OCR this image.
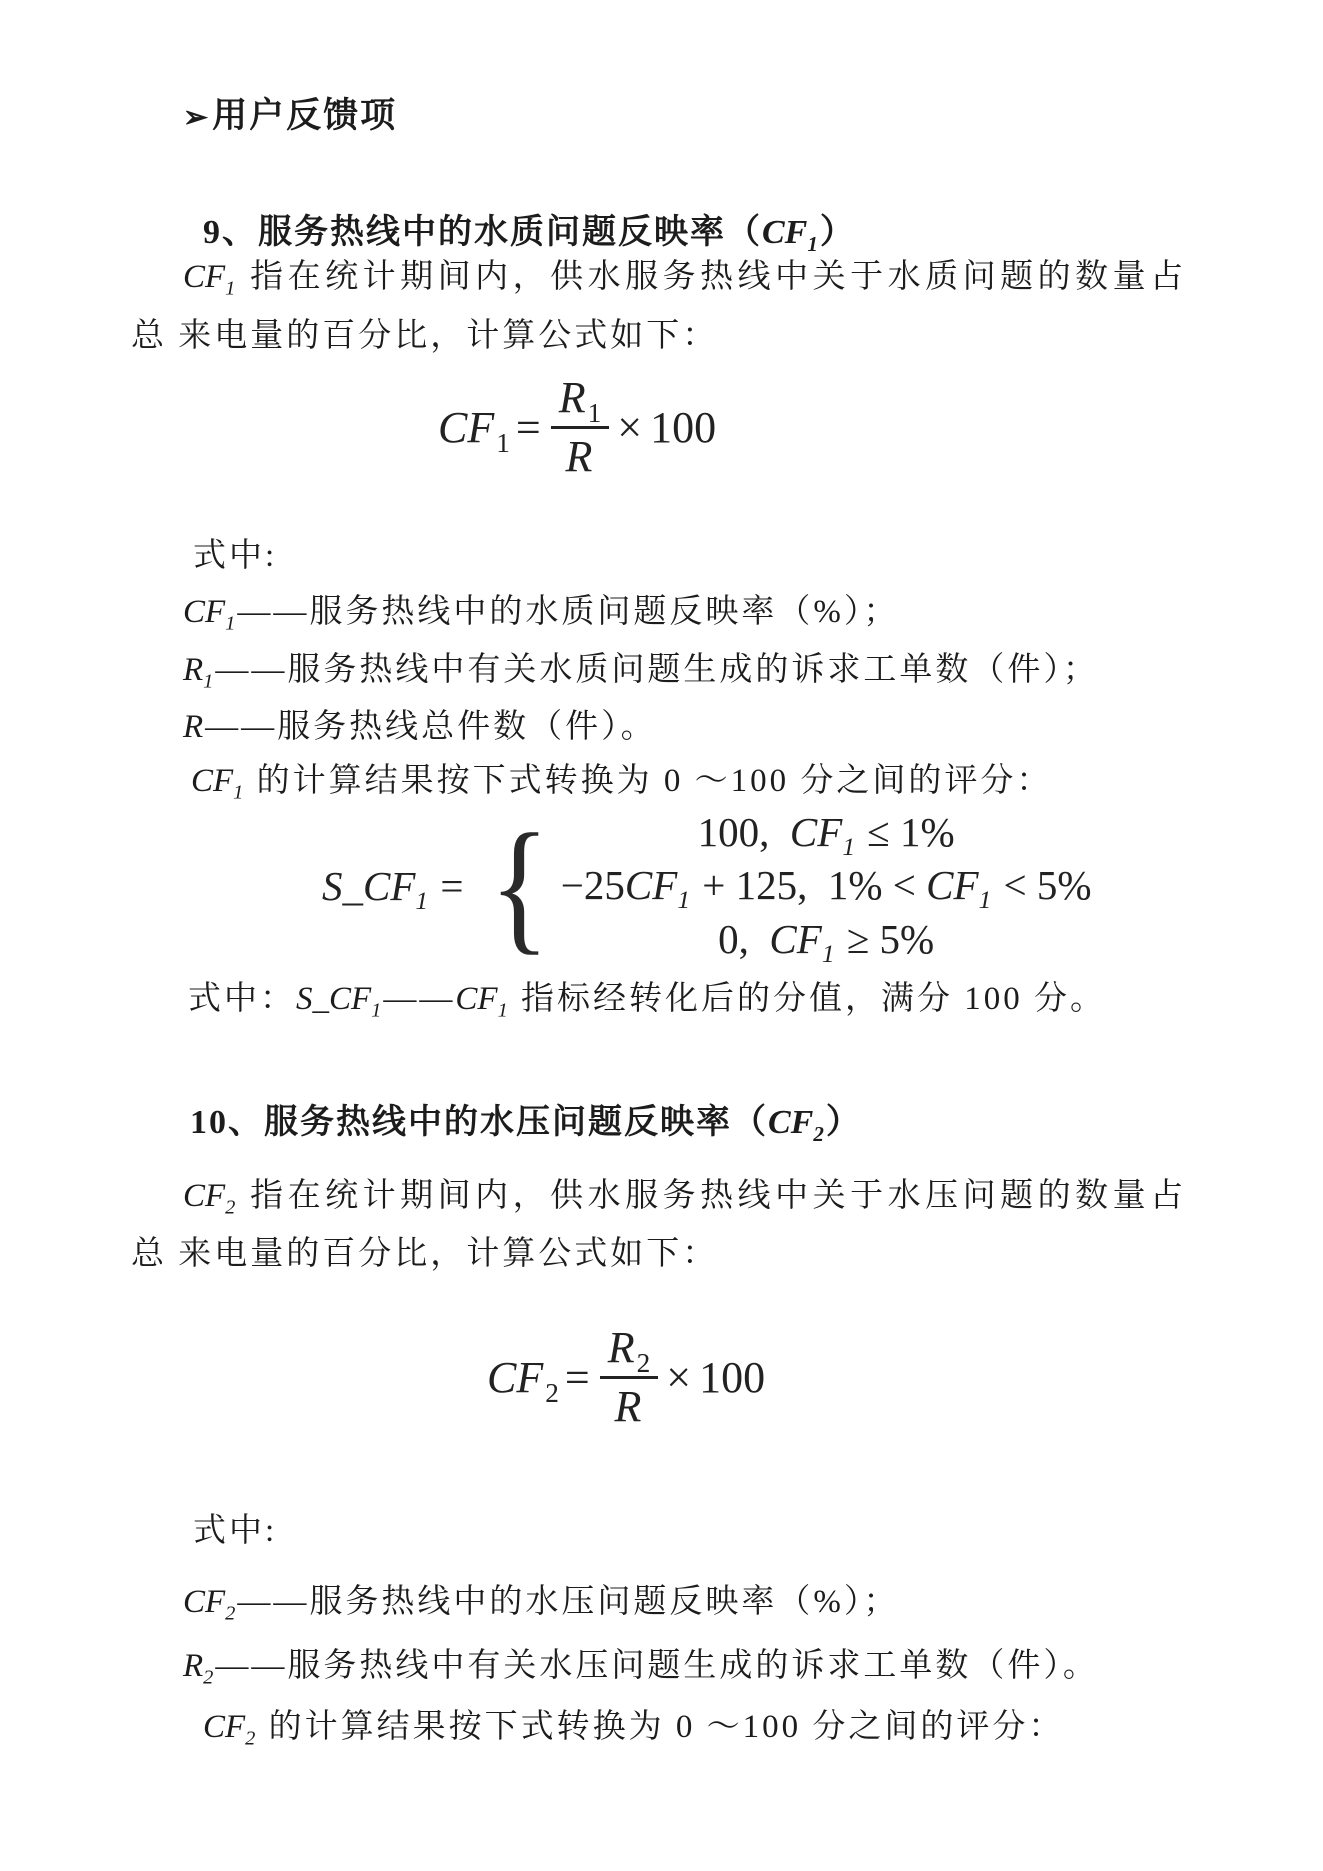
➢用户反馈项
9、服务热线中的水质问题反映率$(CF_1)$
$CF_1$ 指在统计期间内，供水服务热线中关于水质问题的数量占
总 来电量的百分比，计算公式如下：
$CF_1 = \frac{R_1}{R} \times 100$
式中:
$CF_1——$服务热线中的水质问题反映率（%）；
$R_1——$服务热线中有关水质问题生成的诉求工单数（件）；
R——服务热线总件数（件）。
$CF_1$ 的计算结果按下式转换为 0 ～100 分之间的评分：
$S\_CF_1$ = {	100,  $CF_1 \le 1\%$
$-25CF_1 + 125$,  $1\% < CF_1 < 5\%$
0,  $CF_1 \ge 5\%$
式中：$S\_CF_1——CF_1$ 指标经转化后的分值，满分 100 分。
10、服务热线中的水压问题反映率$(CF_2)$
$CF_2$ 指在统计期间内，供水服务热线中关于水压问题的数量占
总 来电量的百分比，计算公式如下：
$CF_2 = \frac{R_2}{R} \times 100$
式中:
$CF_2——$服务热线中的水压问题反映率（%）；
$R_2——$服务热线中有关水压问题生成的诉求工单数（件）。
$CF_2$ 的计算结果按下式转换为 0 ～100 分之间的评分：
